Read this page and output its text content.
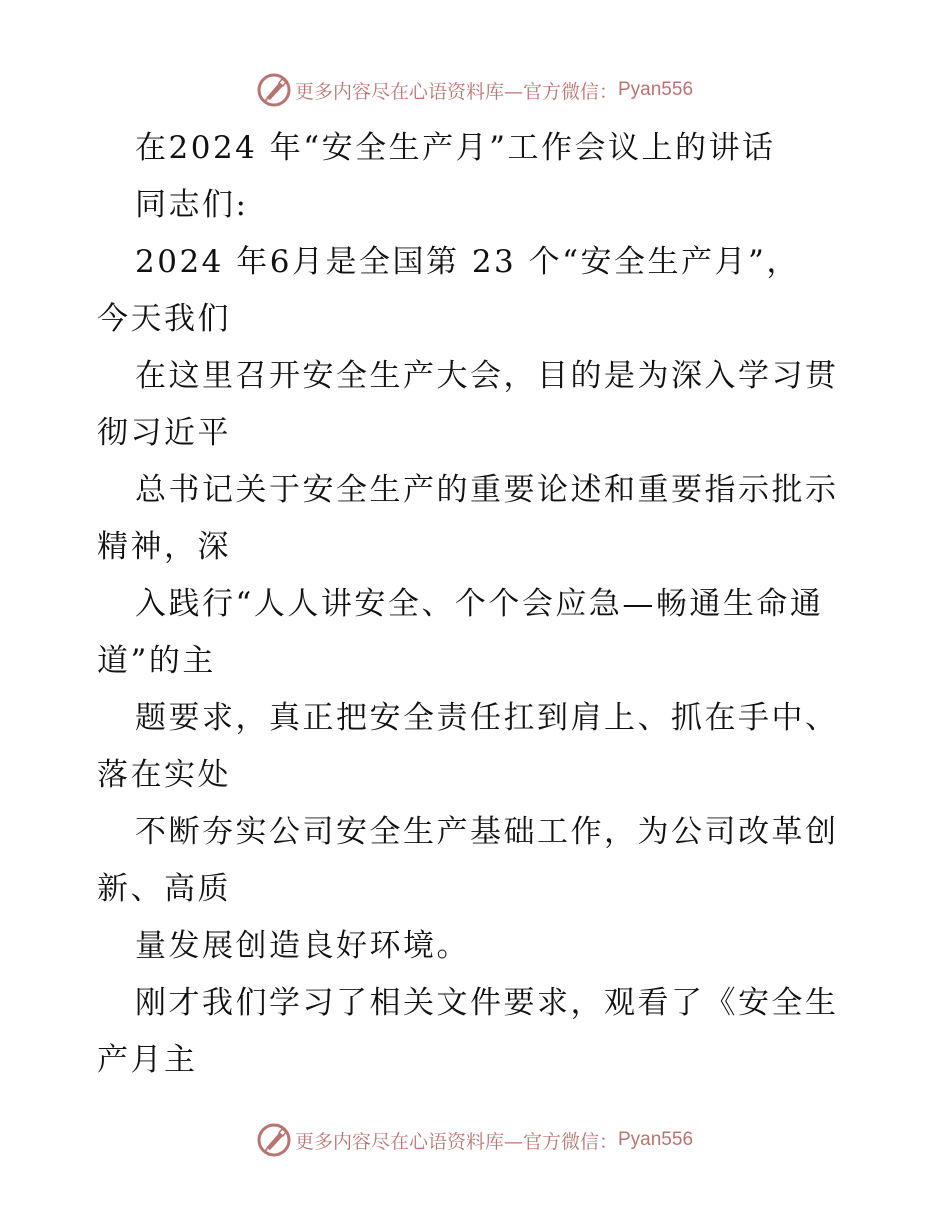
更多内容尽在心语资料库—官方微信： Pyan556
在2024 年“安全生产月”工作会议上的讲话
同志们:
2024 年6月是全国第 23 个“安全生产月”，
今天我们
在这里召开安全生产大会，目的是为深入学习贯
彻习近平
总书记关于安全生产的重要论述和重要指示批示
精神，深
入践行“人人讲安全、个个会应急—畅通生命通
道”的主
题要求，真正把安全责任扛到肩上、抓在手中、
落在实处
不断夯实公司安全生产基础工作，为公司改革创
新、高质
量发展创造良好环境。
刚才我们学习了相关文件要求，观看了《安全生
产月主
更多内容尽在心语资料库—官方微信： Pyan556
